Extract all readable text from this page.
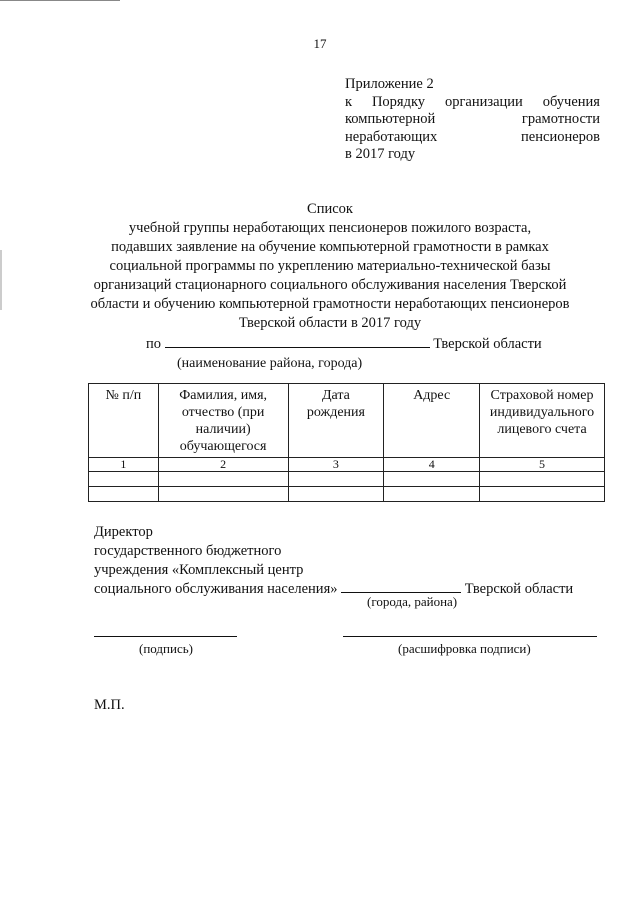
17
Приложение 2
к Порядку организации обучения
компьютерной	грамотности
неработающих	пенсионеров
в 2017 году
Список
учебной группы неработающих пенсионеров пожилого возраста,
подавших заявление на обучение компьютерной грамотности в рамках
социальной программы по укреплению материально-технической базы
организаций стационарного социального обслуживания населения Тверской
области и обучению компьютерной грамотности неработающих пенсионеров
Тверской области в 2017 году
по	Тверской области
(наименование района, города)
№ п/п	Фамилия, имя, отчество (при наличии) обучающегося	Дата рождения	Адрес	Страховой номер индивидуального лицевого счета
1	2	3	4	5

Директор
государственного бюджетного
учреждения «Комплексный центр
социального обслуживания населения»	Тверской области
(города, района)
(подпись)	(расшифровка подписи)
М.П.
